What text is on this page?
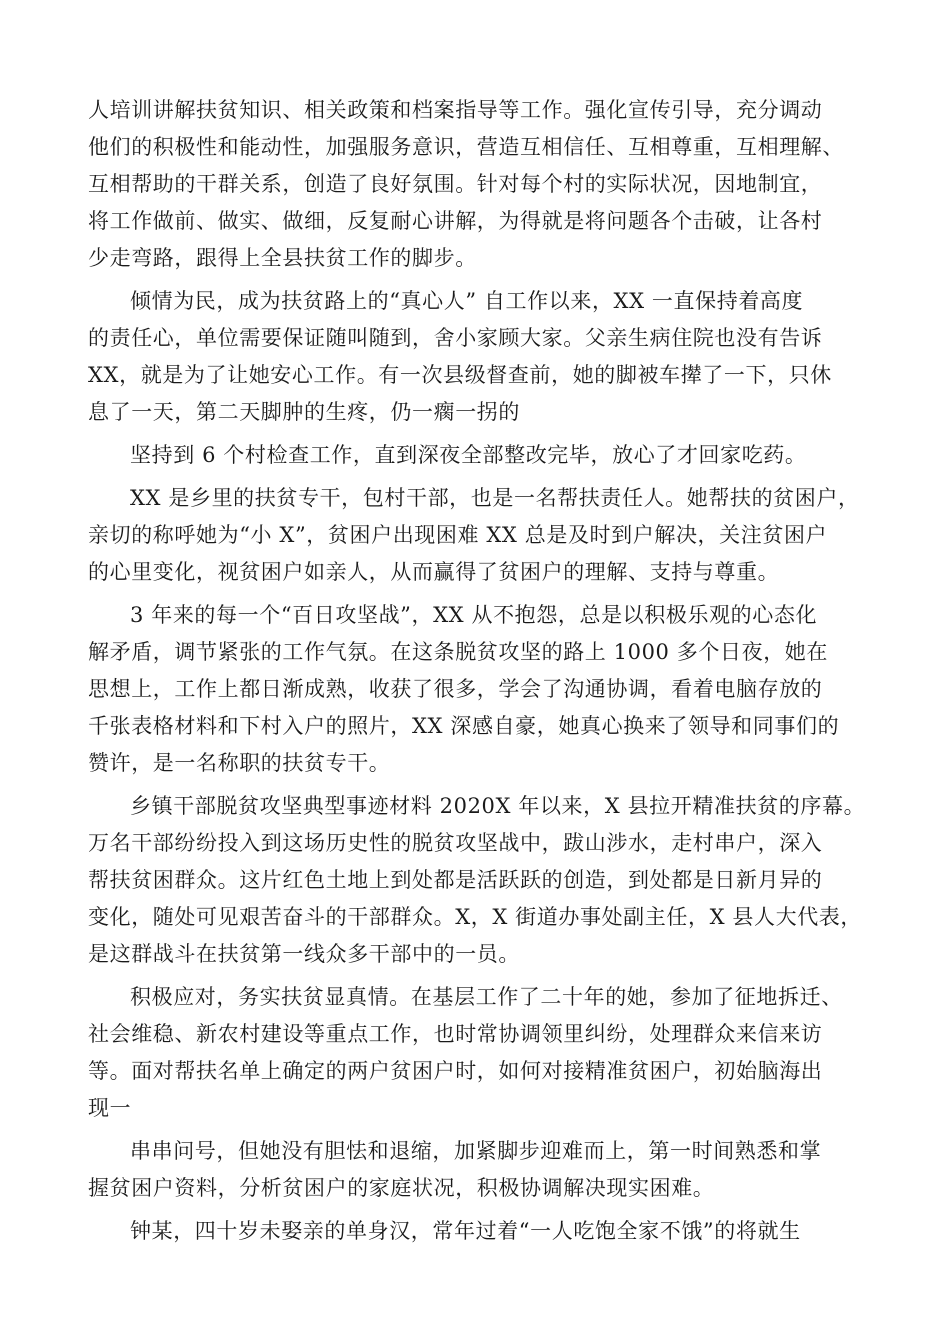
人培训讲解扶贫知识、相关政策和档案指导等工作。强化宣传引导，充分调动
他们的积极性和能动性，加强服务意识，营造互相信任、互相尊重，互相理解、
互相帮助的干群关系，创造了良好氛围。针对每个村的实际状况，因地制宜，
将工作做前、做实、做细，反复耐心讲解，为得就是将问题各个击破，让各村
少走弯路，跟得上全县扶贫工作的脚步。
倾情为民，成为扶贫路上的“真心人” 自工作以来，XX 一直保持着高度
的责任心，单位需要保证随叫随到，舍小家顾大家。父亲生病住院也没有告诉
XX，就是为了让她安心工作。有一次县级督查前，她的脚被车撵了一下，只休
息了一天，第二天脚肿的生疼，仍一瘸一拐的
坚持到 6 个村检查工作，直到深夜全部整改完毕，放心了才回家吃药。
XX 是乡里的扶贫专干，包村干部，也是一名帮扶责任人。她帮扶的贫困户，
亲切的称呼她为“小 X”，贫困户出现困难 XX 总是及时到户解决，关注贫困户
的心里变化，视贫困户如亲人，从而赢得了贫困户的理解、支持与尊重。
3 年来的每一个“百日攻坚战”，XX 从不抱怨，总是以积极乐观的心态化
解矛盾，调节紧张的工作气氛。在这条脱贫攻坚的路上 1000 多个日夜，她在
思想上，工作上都日渐成熟，收获了很多，学会了沟通协调，看着电脑存放的
千张表格材料和下村入户的照片，XX 深感自豪，她真心换来了领导和同事们的
赞许，是一名称职的扶贫专干。
乡镇干部脱贫攻坚典型事迹材料 2020X 年以来，X 县拉开精准扶贫的序幕。
万名干部纷纷投入到这场历史性的脱贫攻坚战中，跋山涉水，走村串户，深入
帮扶贫困群众。这片红色土地上到处都是活跃跃的创造，到处都是日新月异的
变化，随处可见艰苦奋斗的干部群众。X，X 街道办事处副主任，X 县人大代表，
是这群战斗在扶贫第一线众多干部中的一员。
积极应对，务实扶贫显真情。在基层工作了二十年的她，参加了征地拆迁、
社会维稳、新农村建设等重点工作，也时常协调领里纠纷，处理群众来信来访
等。面对帮扶名单上确定的两户贫困户时，如何对接精准贫困户，初始脑海出
现一
串串问号，但她没有胆怯和退缩，加紧脚步迎难而上，第一时间熟悉和掌
握贫困户资料，分析贫困户的家庭状况，积极协调解决现实困难。
钟某，四十岁未娶亲的单身汉，常年过着“一人吃饱全家不饿”的将就生
